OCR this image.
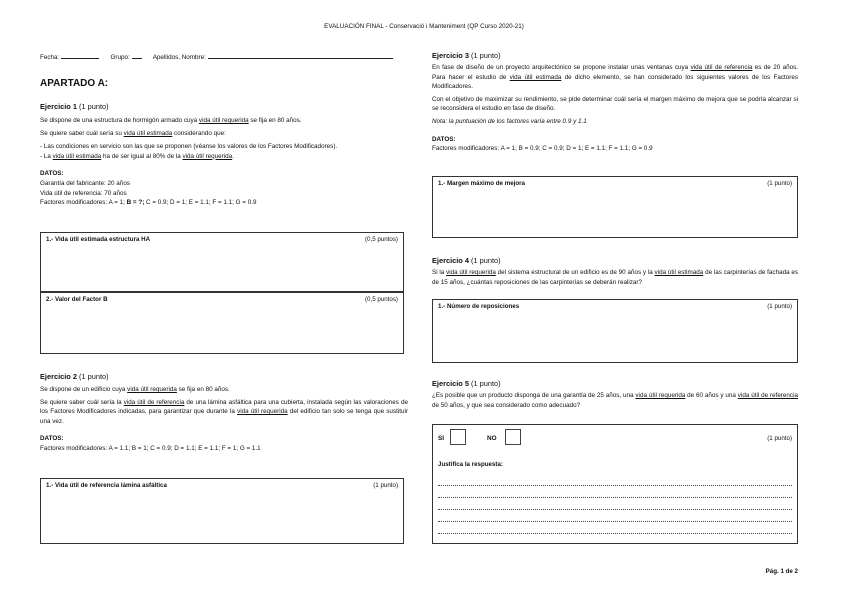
EVALUACIÓN FINAL - Conservació i Manteniment (QP Curso 2020-21)
Fecha:	Grupo:	Apellidos, Nombre:
APARTADO A:
Ejercicio 1 (1 punto)
Se dispone de una estructura de hormigón armado cuya vida útil requerida se fija en 80 años.
Se quiere saber cuál sería su vida útil estimada considerando que:
- Las condiciones en servicio son las que se proponen (véanse los valores de los Factores Modificadores).
- La vida útil estimada ha de ser igual al 80% de la vida útil requerida.
DATOS:
Garantía del fabricante: 20 años
Vida útil de referencia: 70 años
Factores modificadores: A = 1; B = ?; C = 0.9; D = 1; E = 1.1; F = 1.1; G = 0.9
1.- Vida útil estimada estructura HA	(0,5 puntos)
2.- Valor del Factor B	(0,5 puntos)
Ejercicio 2 (1 punto)
Se dispone de un edificio cuya vida útil requerida se fija en 80 años.
Se quiere saber cuál sería la vida útil de referencia de una lámina asfáltica para una cubierta, instalada según las valoraciones de los Factores Modificadores indicadas, para garantizar que durante la vida útil requerida del edificio tan solo se tenga que sustituir una vez.
DATOS:
Factores modificadores: A = 1.1; B = 1; C = 0.9; D = 1.1; E = 1.1; F = 1; G = 1.1
1.- Vida útil de referencia lámina asfáltica	(1 punto)
Ejercicio 3 (1 punto)
En fase de diseño de un proyecto arquitectónico se propone instalar unas ventanas cuya vida útil de referencia es de 20 años. Para hacer el estudio de vida útil estimada de dicho elemento, se han considerado los siguientes valores de los Factores Modificadores.
Con el objetivo de maximizar su rendimiento, se pide determinar cuál sería el margen máximo de mejora que se podría alcanzar si se reconsidera el estudio en fase de diseño.
Nota: la puntuación de los factores varía entre 0.9 y 1.1
DATOS:
Factores modificadores: A = 1; B = 0.9; C = 0.9; D = 1; E = 1.1; F = 1.1; G = 0.9
1.- Margen máximo de mejora	(1 punto)
Ejercicio 4 (1 punto)
Si la vida útil requerida del sistema estructural de un edificio es de 90 años y la vida útil estimada de las carpinterías de fachada es de 15 años, ¿cuántas reposiciones de las carpinterías se deberán realizar?
1.- Número de reposiciones	(1 punto)
Ejercicio 5 (1 punto)
¿Es posible que un producto disponga de una garantía de 25 años, una vida útil requerida de 60 años y una vida útil de referencia de 50 años, y que sea considerado como adecuado?
SI	NO	(1 punto)
Justifica la respuesta:
Pág. 1 de 2
